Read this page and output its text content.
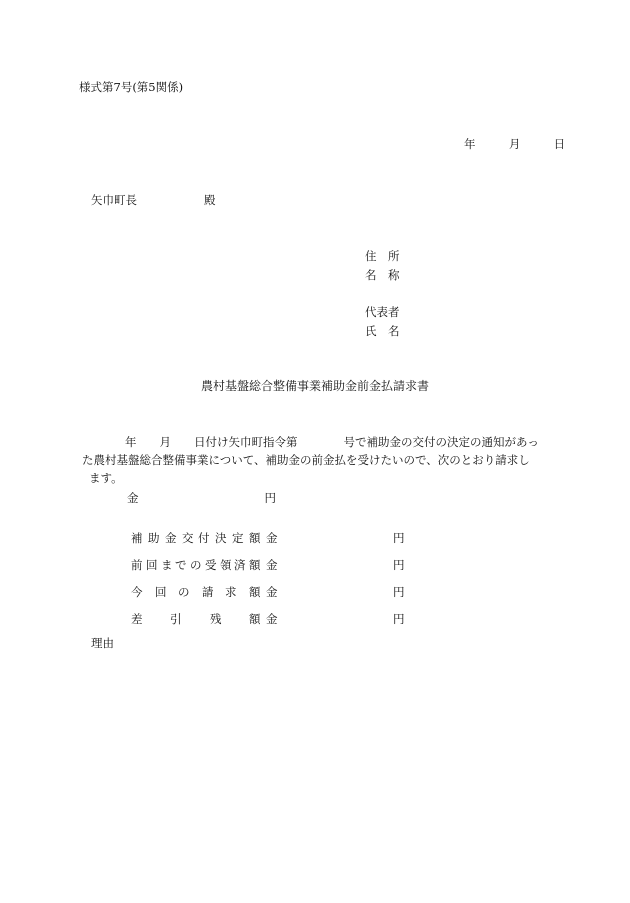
様式第7号(第5関係)
年	月	日
矢巾町長	殿
住　所
名　称
代表者
氏　名
農村基盤総合整備事業補助金前金払請求書
年　　月　　日付け矢巾町指令第　　　　号で補助金の交付の決定の通知があっ
た農村基盤総合整備事業について、補助金の前金払を受けたいので、次のとおり請求し
ます。
金	円
補 助 金 交 付 決 定 額 金	円
前 回 ま で の 受 領 済 額 金	円
今 回 の 請 求 額 金	円
差 引 残 額 金	円
理由
